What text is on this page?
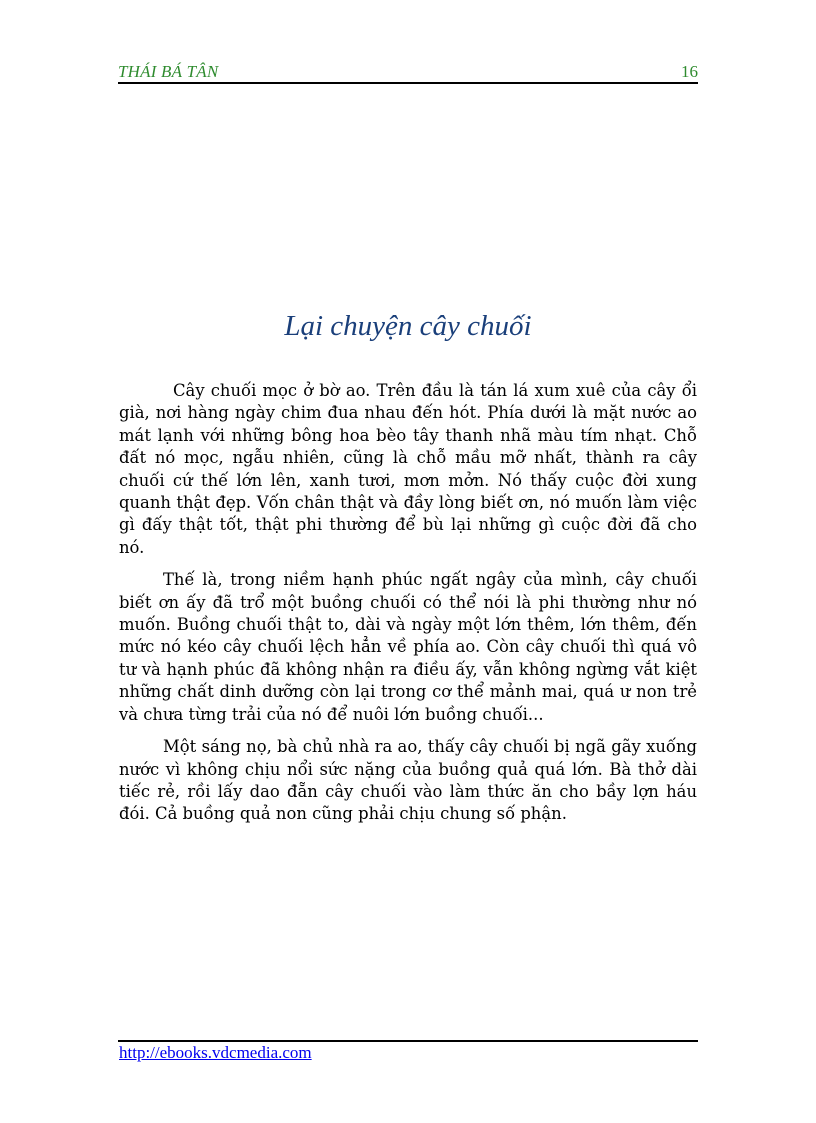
THÁI BÁ TÂN	16
Lại chuyện cây chuối

Cây chuối mọc ở bờ ao. Trên đầu là tán lá xum xuê của cây ổi già, nơi hàng ngày chim đua nhau đến hót. Phía dưới là mặt nước ao mát lạnh với những bông hoa bèo tây thanh nhã màu tím nhạt. Chỗ đất nó mọc, ngẫu nhiên, cũng là chỗ mầu mỡ nhất, thành ra cây chuối cứ thế lớn lên, xanh tươi, mơn mởn. Nó thấy cuộc đời xung quanh thật đẹp. Vốn chân thật và đầy lòng biết ơn, nó muốn làm việc gì đấy thật tốt, thật phi thường để bù lại những gì cuộc đời đã cho nó.

Thế là, trong niềm hạnh phúc ngất ngây của mình, cây chuối biết ơn ấy đã trổ một buồng chuối có thể nói là phi thường như nó muốn. Buồng chuối thật to, dài và ngày một lớn thêm, lớn thêm, đến mức nó kéo cây chuối lệch hẳn về phía ao. Còn cây chuối thì quá vô tư và hạnh phúc đã không nhận ra điều ấy, vẫn không ngừng vắt kiệt những chất dinh dưỡng còn lại trong cơ thể mảnh mai, quá ư non trẻ và chưa từng trải của nó để nuôi lớn buồng chuối...

Một sáng nọ, bà chủ nhà ra ao, thấy cây chuối bị ngã gãy xuống nước vì không chịu nổi sức nặng của buồng quả quá lớn. Bà thở dài tiếc rẻ, rồi lấy dao đẵn cây chuối vào làm thức ăn cho bầy lợn háu đói. Cả buồng quả non cũng phải chịu chung số phận.

http://ebooks.vdcmedia.com
